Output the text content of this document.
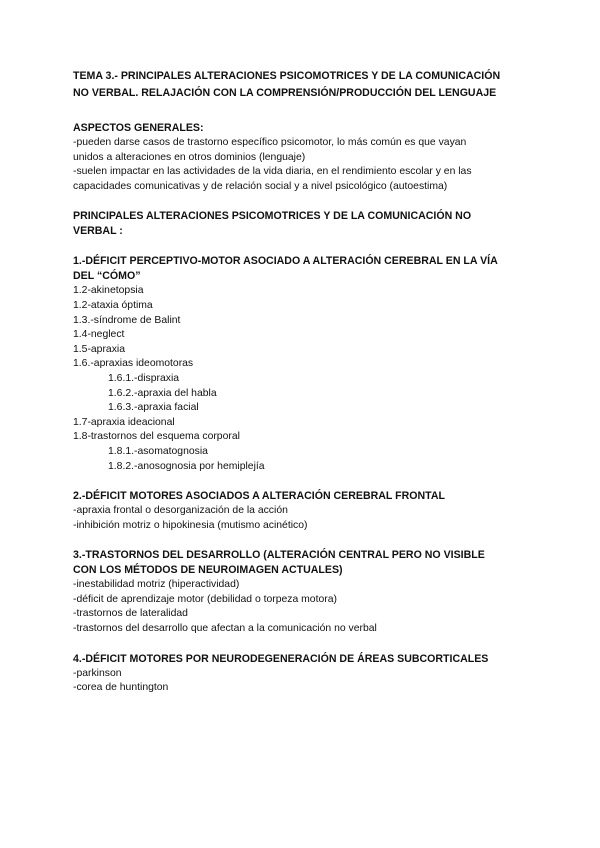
TEMA 3.- PRINCIPALES ALTERACIONES PSICOMOTRICES Y DE LA COMUNICACIÓN

NO VERBAL. RELAJACIÓN CON LA COMPRENSIÓN/PRODUCCIÓN DEL LENGUAJE

ASPECTOS GENERALES:

-pueden darse casos de trastorno específico psicomotor, lo más común es que vayan

unidos a alteraciones en otros dominios (lenguaje)

-suelen impactar en las actividades de la vida diaria, en el rendimiento escolar y en las

capacidades comunicativas y de relación social y a nivel psicológico (autoestima)

PRINCIPALES ALTERACIONES PSICOMOTRICES Y DE LA COMUNICACIÓN NO

VERBAL :

1.-DÉFICIT PERCEPTIVO-MOTOR ASOCIADO A ALTERACIÓN CEREBRAL EN LA VÍA

DEL “CÓMO”

1.2-akinetopsia

1.2-ataxia óptima

1.3.-síndrome de Balint

1.4-neglect

1.5-apraxia

1.6.-apraxias ideomotoras

1.6.1.-dispraxia

1.6.2.-apraxia del habla

1.6.3.-apraxia facial

1.7-apraxia ideacional

1.8-trastornos del esquema corporal

1.8.1.-asomatognosia

1.8.2.-anosognosia por hemiplejía

2.-DÉFICIT MOTORES ASOCIADOS A ALTERACIÓN CEREBRAL FRONTAL

-apraxia frontal o desorganización de la acción

-inhibición motriz o hipokinesia (mutismo acinético)

3.-TRASTORNOS DEL DESARROLLO (ALTERACIÓN CENTRAL PERO NO VISIBLE

CON LOS MÉTODOS DE NEUROIMAGEN ACTUALES)

-inestabilidad motriz (hiperactividad)

-déficit de aprendizaje motor (debilidad o torpeza motora)

-trastornos de lateralidad

-trastornos del desarrollo que afectan a la comunicación no verbal

4.-DÉFICIT MOTORES POR NEURODEGENERACIÓN DE ÁREAS SUBCORTICALES

-parkinson

-corea de huntington
